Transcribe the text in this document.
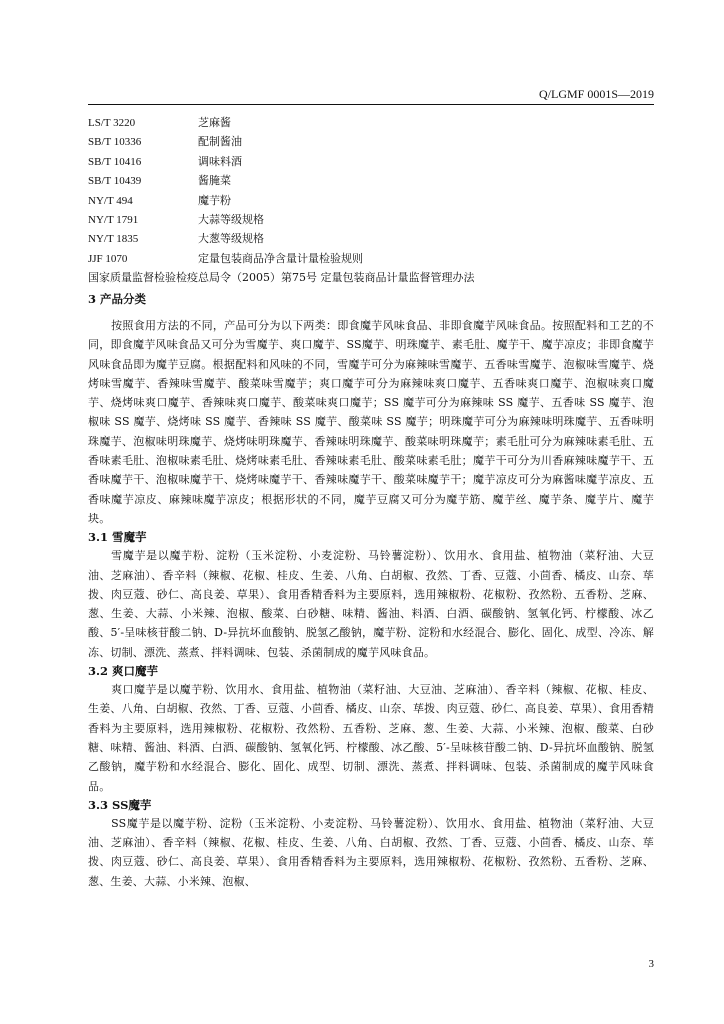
Q/LGMF 0001S—2019
LS/T 3220	芝麻酱
SB/T 10336	配制酱油
SB/T 10416	调味料酒
SB/T 10439	酱腌菜
NY/T 494	魔芋粉
NY/T 1791	大蒜等级规格
NY/T 1835	大葱等级规格
JJF 1070	定量包装商品净含量计量检验规则
国家质量监督检验检疫总局令（2005）第75号 定量包装商品计量监督管理办法
3 产品分类

按照食用方法的不同，产品可分为以下两类：即食魔芋风味食品、非即食魔芋风味食品。按照配料和工艺的不同，即食魔芋风味食品又可分为雪魔芋、爽口魔芋、SS魔芋、明珠魔芋、素毛肚、魔芋干、魔芋凉皮；非即食魔芋风味食品即为魔芋豆腐。根据配料和风味的不同，雪魔芋可分为麻辣味雪魔芋、五香味雪魔芋、泡椒味雪魔芋、烧烤味雪魔芋、香辣味雪魔芋、酸菜味雪魔芋；爽口魔芋可分为麻辣味爽口魔芋、五香味爽口魔芋、泡椒味爽口魔芋、烧烤味爽口魔芋、香辣味爽口魔芋、酸菜味爽口魔芋；SS 魔芋可分为麻辣味 SS 魔芋、五香味 SS 魔芋、泡椒味 SS 魔芋、烧烤味 SS 魔芋、香辣味 SS 魔芋、酸菜味 SS 魔芋；明珠魔芋可分为麻辣味明珠魔芋、五香味明珠魔芋、泡椒味明珠魔芋、烧烤味明珠魔芋、香辣味明珠魔芋、酸菜味明珠魔芋；素毛肚可分为麻辣味素毛肚、五香味素毛肚、泡椒味素毛肚、烧烤味素毛肚、香辣味素毛肚、酸菜味素毛肚；魔芋干可分为川香麻辣味魔芋干、五香味魔芋干、泡椒味魔芋干、烧烤味魔芋干、香辣味魔芋干、酸菜味魔芋干；魔芋凉皮可分为麻酱味魔芋凉皮、五香味魔芋凉皮、麻辣味魔芋凉皮；根据形状的不同，魔芋豆腐又可分为魔芋筋、魔芋丝、魔芋条、魔芋片、魔芋块。

3.1 雪魔芋

雪魔芋是以魔芋粉、淀粉（玉米淀粉、小麦淀粉、马铃薯淀粉）、饮用水、食用盐、植物油（菜籽油、大豆油、芝麻油）、香辛料（辣椒、花椒、桂皮、生姜、八角、白胡椒、孜然、丁香、豆蔻、小茴香、橘皮、山奈、荜拨、肉豆蔻、砂仁、高良姜、草果）、食用香精香料为主要原料，选用辣椒粉、花椒粉、孜然粉、五香粉、芝麻、葱、生姜、大蒜、小米辣、泡椒、酸菜、白砂糖、味精、酱油、料酒、白酒、碳酸钠、氢氧化钙、柠檬酸、冰乙酸、5′-呈味核苷酸二钠、D-异抗坏血酸钠、脱氢乙酸钠，魔芋粉、淀粉和水经混合、膨化、固化、成型、冷冻、解冻、切制、漂洗、蒸煮、拌料调味、包装、杀菌制成的魔芋风味食品。

3.2 爽口魔芋

爽口魔芋是以魔芋粉、饮用水、食用盐、植物油（菜籽油、大豆油、芝麻油）、香辛料（辣椒、花椒、桂皮、生姜、八角、白胡椒、孜然、丁香、豆蔻、小茴香、橘皮、山奈、荜拨、肉豆蔻、砂仁、高良姜、草果）、食用香精香料为主要原料，选用辣椒粉、花椒粉、孜然粉、五香粉、芝麻、葱、生姜、大蒜、小米辣、泡椒、酸菜、白砂糖、味精、酱油、料酒、白酒、碳酸钠、氢氧化钙、柠檬酸、冰乙酸、5′-呈味核苷酸二钠、D-异抗坏血酸钠、脱氢乙酸钠，魔芋粉和水经混合、膨化、固化、成型、切制、漂洗、蒸煮、拌料调味、包装、杀菌制成的魔芋风味食品。

3.3 SS魔芋

SS魔芋是以魔芋粉、淀粉（玉米淀粉、小麦淀粉、马铃薯淀粉）、饮用水、食用盐、植物油（菜籽油、大豆油、芝麻油）、香辛料（辣椒、花椒、桂皮、生姜、八角、白胡椒、孜然、丁香、豆蔻、小茴香、橘皮、山奈、荜拨、肉豆蔻、砂仁、高良姜、草果）、食用香精香料为主要原料，选用辣椒粉、花椒粉、孜然粉、五香粉、芝麻、葱、生姜、大蒜、小米辣、泡椒、

3
